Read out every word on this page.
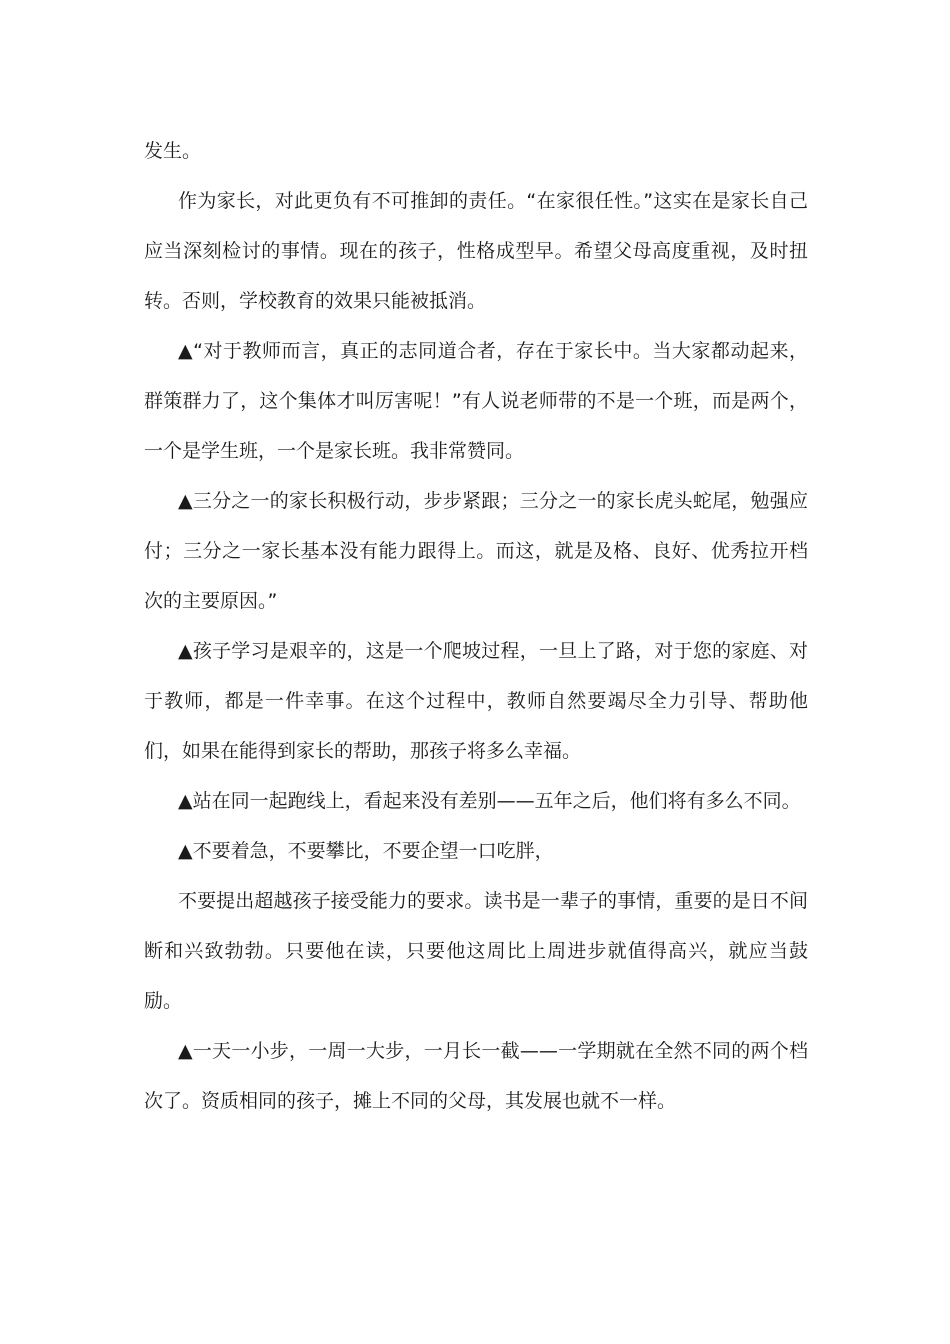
发生。

作为家长，对此更负有不可推卸的责任。“在家很任性。”这实在是家长自己应当深刻检讨的事情。现在的孩子，性格成型早。希望父母高度重视，及时扭转。否则，学校教育的效果只能被抵消。

▲“对于教师而言，真正的志同道合者，存在于家长中。当大家都动起来，群策群力了，这个集体才叫厉害呢！”有人说老师带的不是一个班，而是两个，一个是学生班，一个是家长班。我非常赞同。

▲三分之一的家长积极行动，步步紧跟；三分之一的家长虎头蛇尾，勉强应付；三分之一家长基本没有能力跟得上。而这，就是及格、良好、优秀拉开档次的主要原因。”

▲孩子学习是艰辛的，这是一个爬坡过程，一旦上了路，对于您的家庭、对于教师，都是一件幸事。在这个过程中，教师自然要竭尽全力引导、帮助他们，如果在能得到家长的帮助，那孩子将多么幸福。

▲站在同一起跑线上，看起来没有差别——五年之后，他们将有多么不同。

▲不要着急，不要攀比，不要企望一口吃胖，

不要提出超越孩子接受能力的要求。读书是一辈子的事情，重要的是日不间断和兴致勃勃。只要他在读，只要他这周比上周进步就值得高兴，就应当鼓励。

▲一天一小步，一周一大步，一月长一截——一学期就在全然不同的两个档次了。资质相同的孩子，摊上不同的父母，其发展也就不一样。
